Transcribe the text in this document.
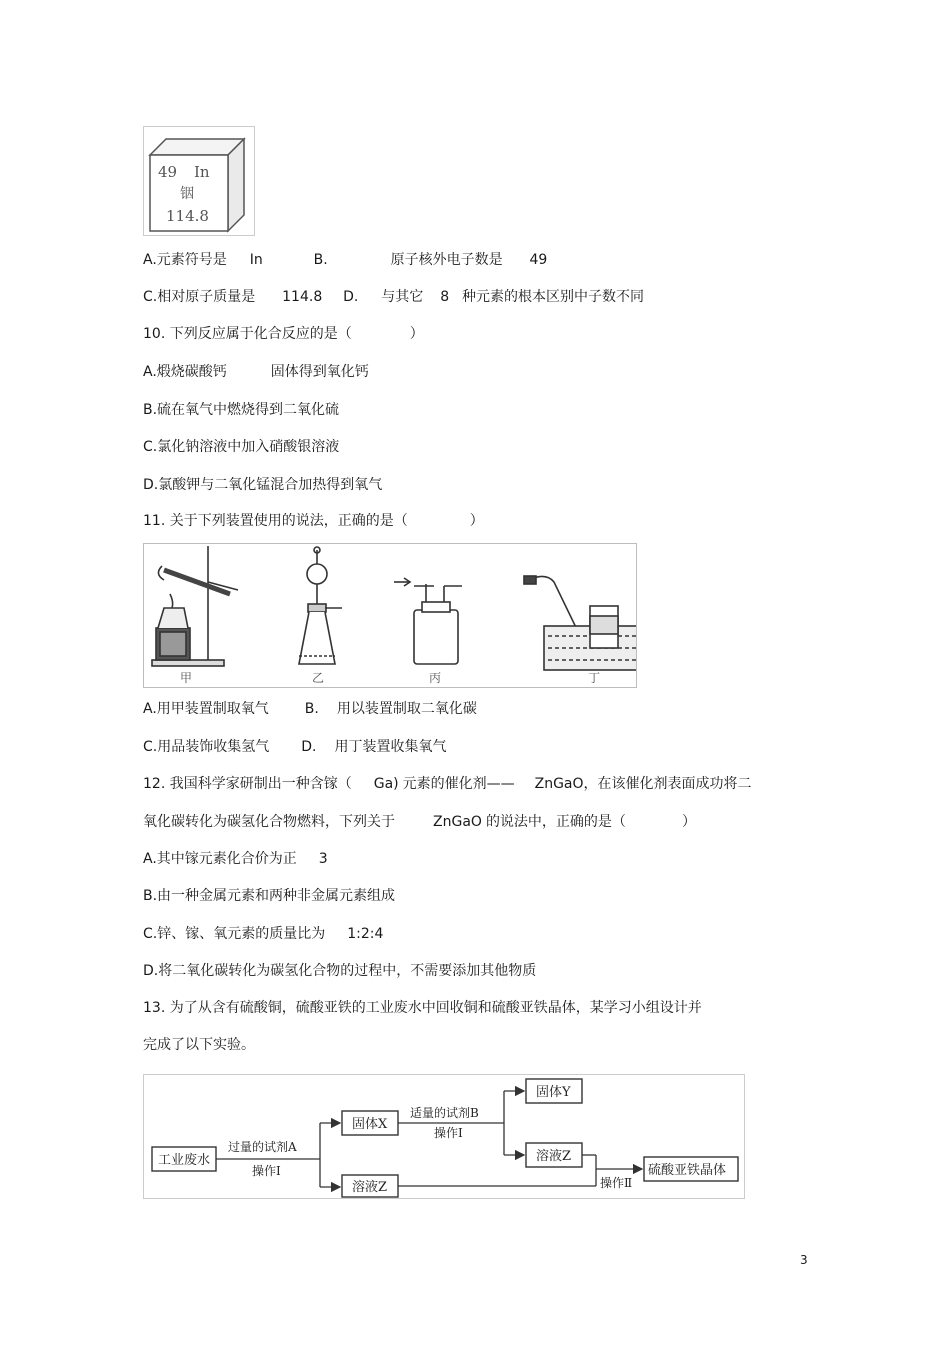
49 In
铟
114.8
A.元素符号是 In	B.	原子核外电子数是 49
C.相对原子质量是 114.8 D. 与其它 8 种元素的根本区别中子数不同
10. 下列反应属于化合反应的是（	）
A.煅烧碳酸钙	固体得到氧化钙
B.硫在氧气中燃烧得到二氧化硫
C.氯化钠溶液中加入硝酸银溶液
D.氯酸钾与二氧化锰混合加热得到氧气
11. 关于下列装置使用的说法，正确的是（	）
甲	乙	丙	丁
A.用甲装置制取氧气	B. 用以装置制取二氧化碳
C.用品装饰收集氢气 D. 用丁装置收集氧气
12. 我国科学家研制出一种含镓（ Ga) 元素的催化剂—— ZnGaO，在该催化剂表面成功将二
氧化碳转化为碳氢化合物燃料，下列关于	ZnGaO 的说法中，正确的是（	）
A.其中镓元素化合价为正 3
B.由一种金属元素和两种非金属元素组成
C.锌、镓、氧元素的质量比为 1:2:4
D.将二氧化碳转化为碳氢化合物的过程中，不需要添加其他物质
13. 为了从含有硫酸铜，硫酸亚铁的工业废水中回收铜和硫酸亚铁晶体，某学习小组设计并
完成了以下实验。
工业废水
固体X
溶液Z
固体Y
溶液Z
硫酸亚铁晶体
过量的试剂A
操作Ⅰ
适量的试剂B
操作Ⅰ
操作Ⅱ
3
